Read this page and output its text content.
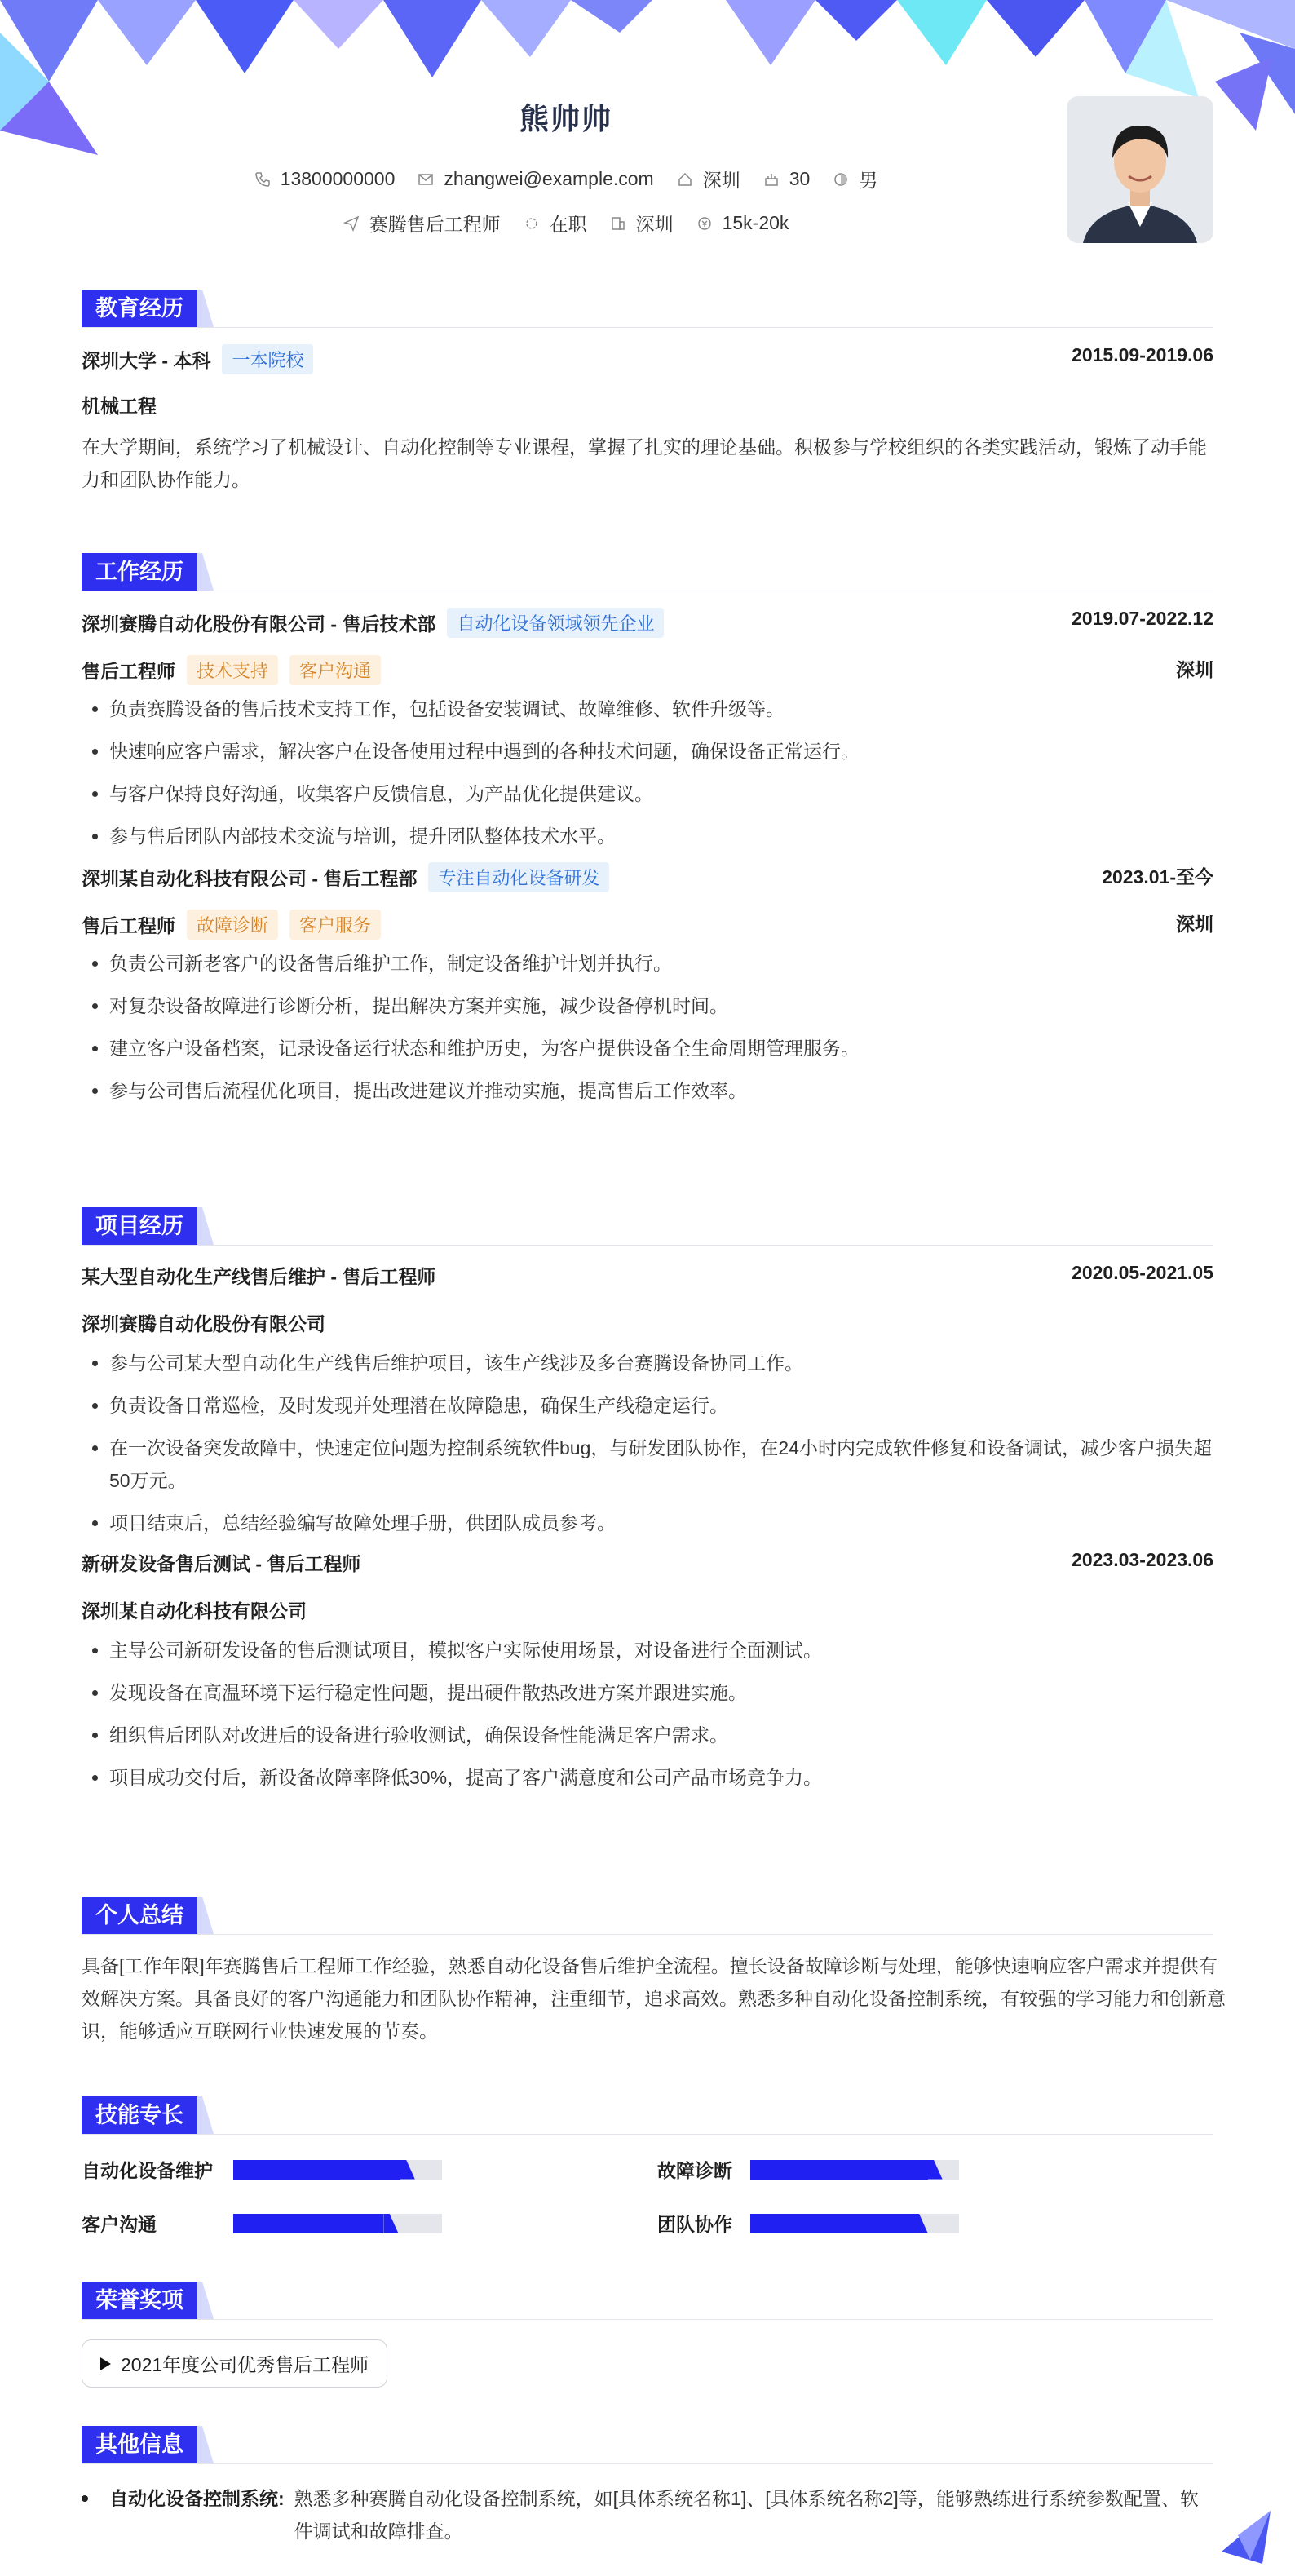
熊帅帅
13800000000	zhangwei@example.com	深圳	30	男
赛腾售后工程师	在职	深圳	15k-20k
教育经历
深圳大学 - 本科	一本院校	2015.09-2019.06
机械工程
在大学期间，系统学习了机械设计、自动化控制等专业课程，掌握了扎实的理论基础。积极参与学校组织的各类实践活动，锻炼了动手能力和团队协作能力。
工作经历
深圳赛腾自动化股份有限公司 - 售后技术部	自动化设备领域领先企业	2019.07-2022.12
售后工程师	技术支持	客户沟通	深圳
• 负责赛腾设备的售后技术支持工作，包括设备安装调试、故障维修、软件升级等。
• 快速响应客户需求，解决客户在设备使用过程中遇到的各种技术问题，确保设备正常运行。
• 与客户保持良好沟通，收集客户反馈信息，为产品优化提供建议。
• 参与售后团队内部技术交流与培训，提升团队整体技术水平。
深圳某自动化科技有限公司 - 售后工程部	专注自动化设备研发	2023.01-至今
售后工程师	故障诊断	客户服务	深圳
• 负责公司新老客户的设备售后维护工作，制定设备维护计划并执行。
• 对复杂设备故障进行诊断分析，提出解决方案并实施，减少设备停机时间。
• 建立客户设备档案，记录设备运行状态和维护历史，为客户提供设备全生命周期管理服务。
• 参与公司售后流程优化项目，提出改进建议并推动实施，提高售后工作效率。
项目经历
某大型自动化生产线售后维护 - 售后工程师	2020.05-2021.05
深圳赛腾自动化股份有限公司
• 参与公司某大型自动化生产线售后维护项目，该生产线涉及多台赛腾设备协同工作。
• 负责设备日常巡检，及时发现并处理潜在故障隐患，确保生产线稳定运行。
• 在一次设备突发故障中，快速定位问题为控制系统软件bug，与研发团队协作，在24小时内完成软件修复和设备调试，减少客户损失超50万元。
• 项目结束后，总结经验编写故障处理手册，供团队成员参考。
新研发设备售后测试 - 售后工程师	2023.03-2023.06
深圳某自动化科技有限公司
• 主导公司新研发设备的售后测试项目，模拟客户实际使用场景，对设备进行全面测试。
• 发现设备在高温环境下运行稳定性问题，提出硬件散热改进方案并跟进实施。
• 组织售后团队对改进后的设备进行验收测试，确保设备性能满足客户需求。
• 项目成功交付后，新设备故障率降低30%，提高了客户满意度和公司产品市场竞争力。
个人总结
具备[工作年限]年赛腾售后工程师工作经验，熟悉自动化设备售后维护全流程。擅长设备故障诊断与处理，能够快速响应客户需求并提供有效解决方案。具备良好的客户沟通能力和团队协作精神，注重细节，追求高效。熟悉多种自动化设备控制系统，有较强的学习能力和创新意识，能够适应互联网行业快速发展的节奏。
技能专长
自动化设备维护	故障诊断
客户沟通	团队协作
荣誉奖项
2021年度公司优秀售后工程师
其他信息
自动化设备控制系统: 熟悉多种赛腾自动化设备控制系统，如[具体系统名称1]、[具体系统名称2]等，能够熟练进行系统参数配置、软件调试和故障排查。
